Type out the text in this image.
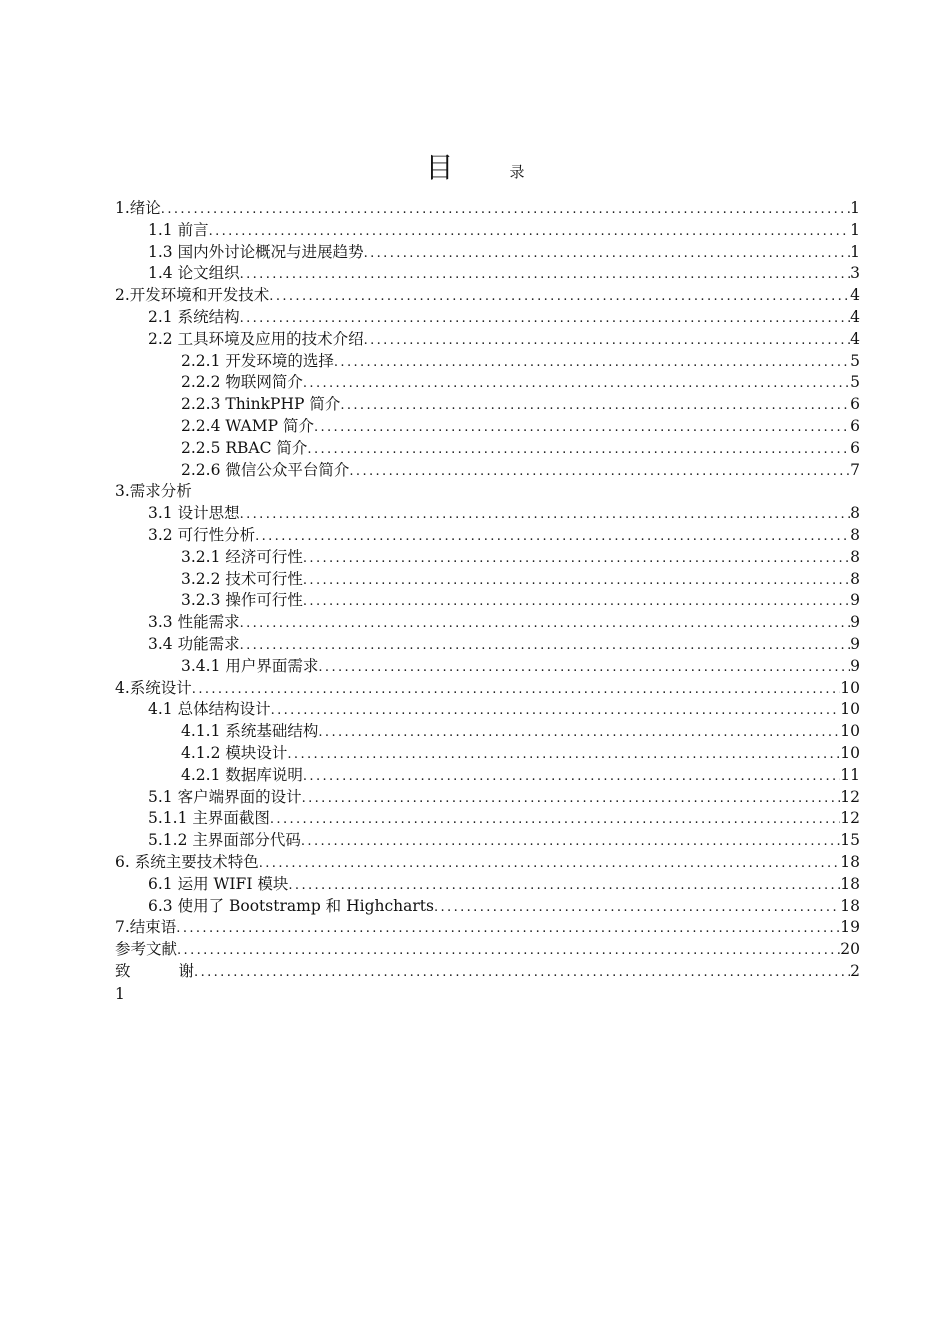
目	录
1.绪论 .....	1
1.1 前言 .....	1
1.3 国内外讨论概况与进展趋势 .....	1
1.4 论文组织 .....	3
2.开发环境和开发技术 .....	4
2.1 系统结构 .....	4
2.2 工具环境及应用的技术介绍 .....	4
2.2.1 开发环境的选择 .....	5
2.2.2 物联网简介 .....	5
2.2.3 ThinkPHP 简介 .....	6
2.2.4 WAMP 简介 .....	6
2.2.5 RBAC 简介 .....	6
2.2.6 微信公众平台简介 .....	7
3.需求分析
3.1 设计思想 .....	8
3.2 可行性分析 .....	8
3.2.1 经济可行性 .....	8
3.2.2 技术可行性 .....	8
3.2.3 操作可行性 .....	9
3.3 性能需求 .....	9
3.4 功能需求 .....	9
3.4.1 用户界面需求 .....	9
4.系统设计 .....	10
4.1 总体结构设计 .....	10
4.1.1 系统基础结构 .....	10
4.1.2 模块设计 .....	10
4.2.1 数据库说明 .....	11
5.1 客户端界面的设计 .....	12
5.1.1 主界面截图 .....	12
5.1.2 主界面部分代码 .....	15
6. 系统主要技术特色 .....	18
6.1 运用 WIFI 模块 .....	18
6.3 使用了 Bootstramp 和 Highcharts .....	18
7.结束语 .....	19
参考文献 .....	20
致	谢 .....	2
1
